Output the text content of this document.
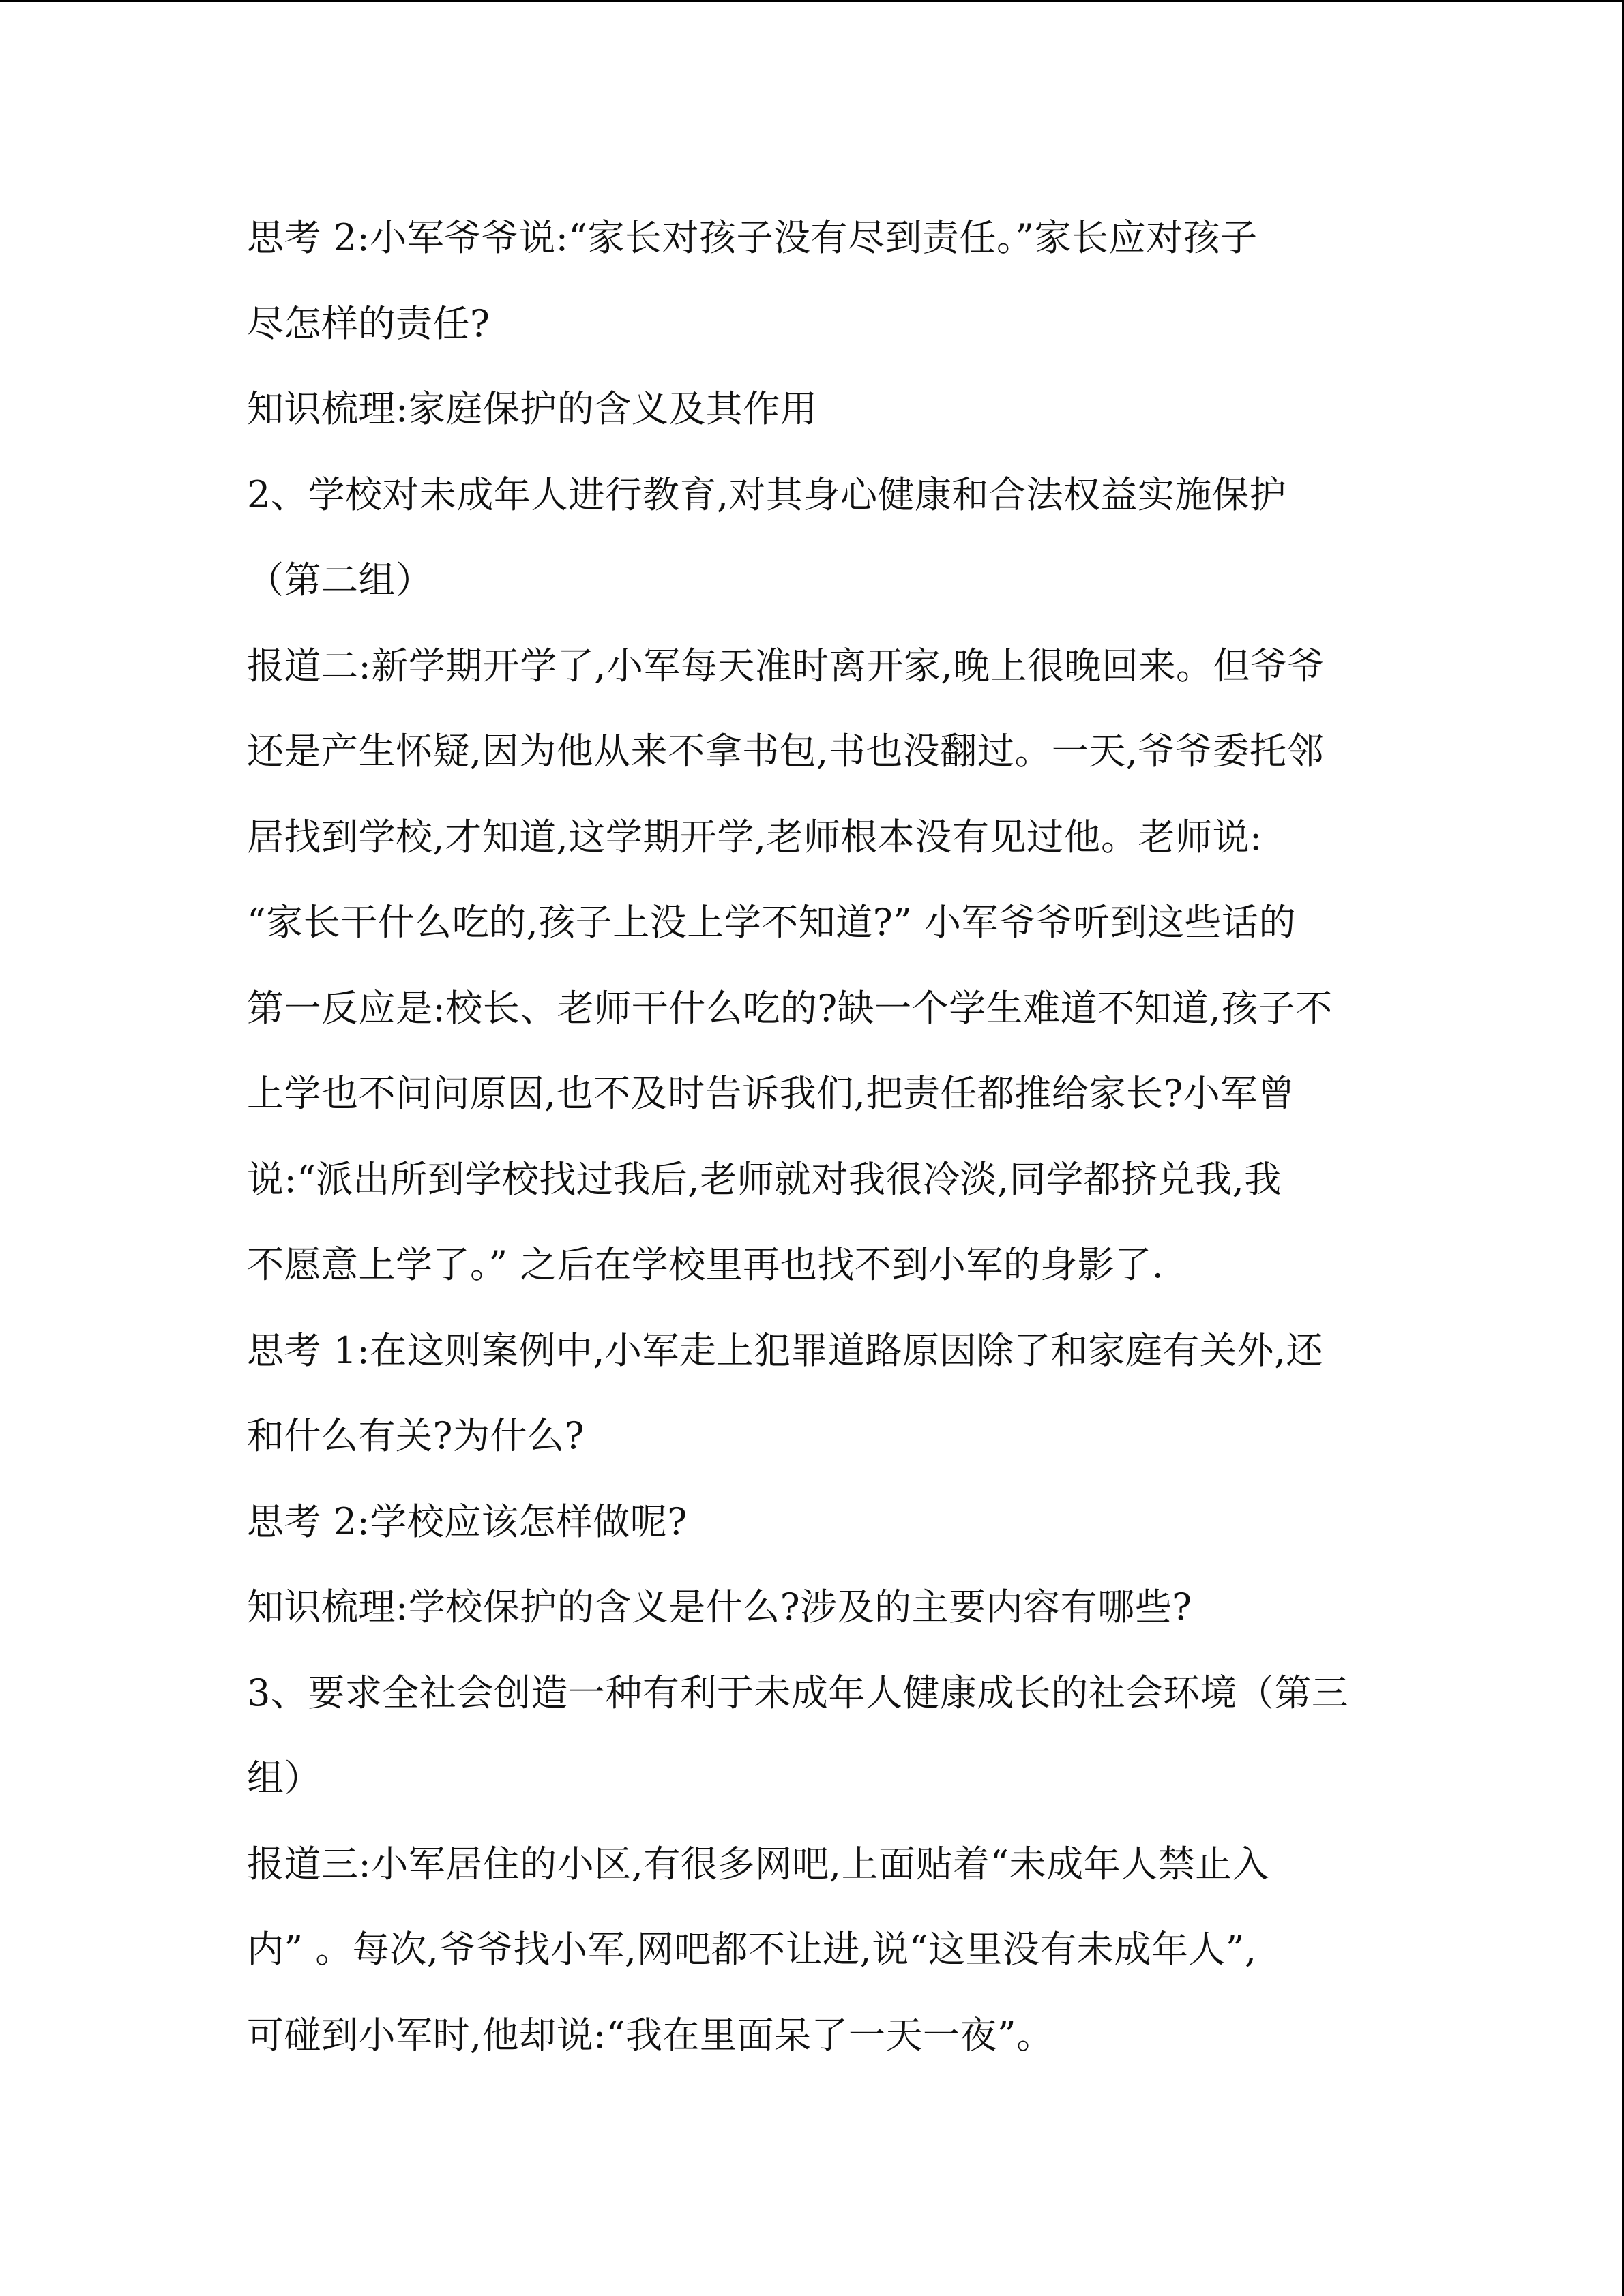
思考 2:小军爷爷说:“家长对孩子没有尽到责任。”家长应对孩子
尽怎样的责任?
知识梳理:家庭保护的含义及其作用
2、学校对未成年人进行教育,对其身心健康和合法权益实施保护
（第二组）
报道二:新学期开学了,小军每天准时离开家,晚上很晚回来。但爷爷
还是产生怀疑,因为他从来不拿书包,书也没翻过。一天,爷爷委托邻
居找到学校,才知道,这学期开学,老师根本没有见过他。老师说:
“家长干什么吃的,孩子上没上学不知道?” 小军爷爷听到这些话的
第一反应是:校长、老师干什么吃的?缺一个学生难道不知道,孩子不
上学也不问问原因,也不及时告诉我们,把责任都推给家长?小军曾
说:“派出所到学校找过我后,老师就对我很冷淡,同学都挤兑我,我
不愿意上学了。” 之后在学校里再也找不到小军的身影了.
思考 1:在这则案例中,小军走上犯罪道路原因除了和家庭有关外,还
和什么有关?为什么?
思考 2:学校应该怎样做呢?
知识梳理:学校保护的含义是什么?涉及的主要内容有哪些?
3、要求全社会创造一种有利于未成年人健康成长的社会环境（第三
组）
报道三:小军居住的小区,有很多网吧,上面贴着“未成年人禁止入
内” 。每次,爷爷找小军,网吧都不让进,说“这里没有未成年人”,
可碰到小军时,他却说:“我在里面呆了一天一夜”。
